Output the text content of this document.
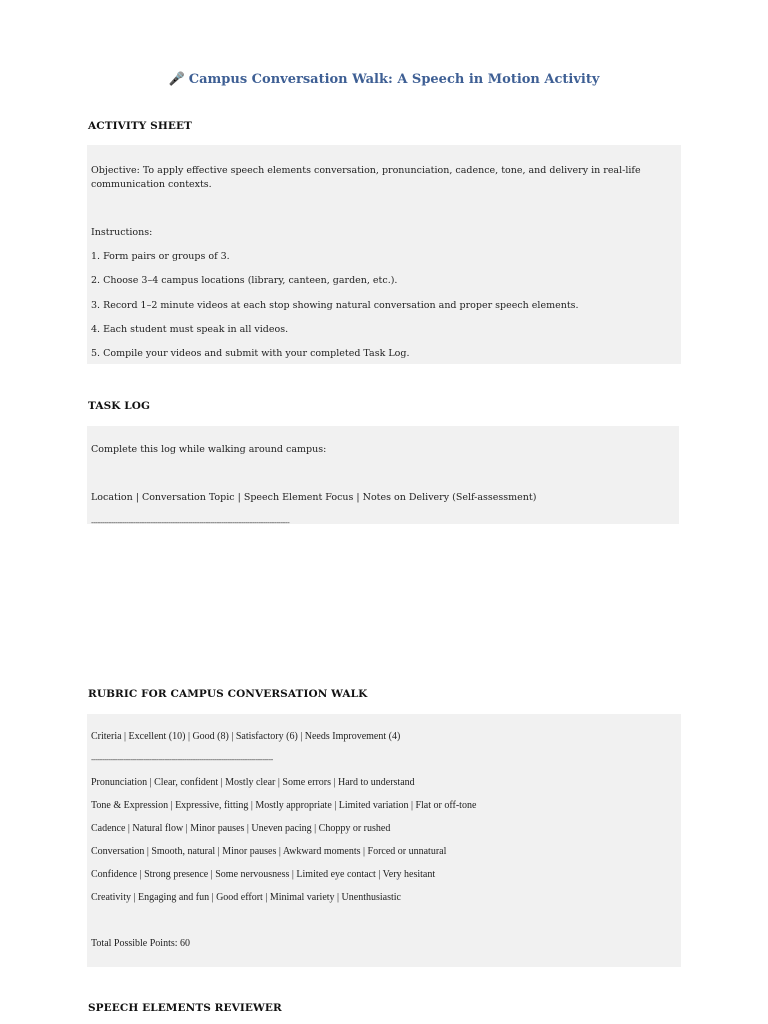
🎤 Campus Conversation Walk: A Speech in Motion Activity
ACTIVITY SHEET
Objective: To apply effective speech elements conversation, pronunciation, cadence, tone, and delivery in real-life communication contexts.
Instructions:
1. Form pairs or groups of 3.
2. Choose 3–4 campus locations (library, canteen, garden, etc.).
3. Record 1–2 minute videos at each stop showing natural conversation and proper speech elements.
4. Each student must speak in all videos.
5. Compile your videos and submit with your completed Task Log.
TASK LOG
Complete this log while walking around campus:
Location | Conversation Topic | Speech Element Focus | Notes on Delivery (Self-assessment)
------------------------------------------------------------------------------------------
RUBRIC FOR CAMPUS CONVERSATION WALK
Criteria | Excellent (10) | Good (8) | Satisfactory (6) | Needs Improvement (4)
------------------------------------------------------------------------------------
Pronunciation | Clear, confident | Mostly clear | Some errors | Hard to understand
Tone & Expression | Expressive, fitting | Mostly appropriate | Limited variation | Flat or off-tone
Cadence | Natural flow | Minor pauses | Uneven pacing | Choppy or rushed
Conversation | Smooth, natural | Minor pauses | Awkward moments | Forced or unnatural
Confidence | Strong presence | Some nervousness | Limited eye contact | Very hesitant
Creativity | Engaging and fun | Good effort | Minimal variety | Unenthusiastic
Total Possible Points: 60
SPEECH ELEMENTS REVIEWER
